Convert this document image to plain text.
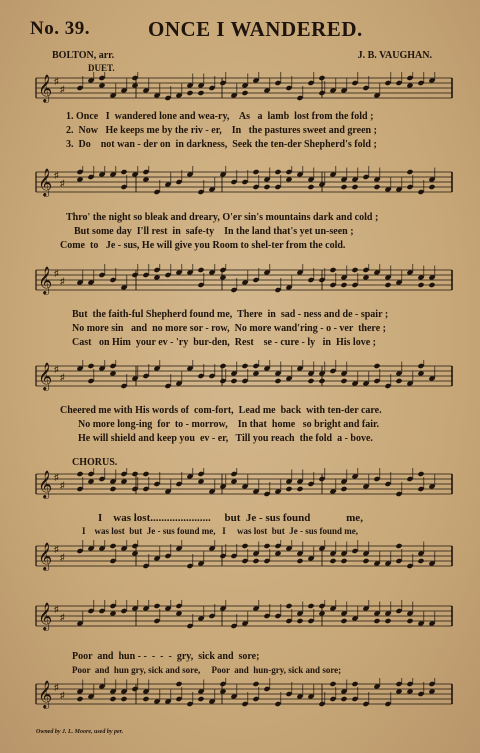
No. 39.	ONCE I WANDERED.
BOLTON, arr.	J. B. VAUGHAN.
DUET.
𝄞 ♯
♯

1. Once   I  wandered lone and wea-ry,    As   a  lamb  lost from the fold ;

2.  Now   He keeps me by the riv - er,    In   the pastures sweet and green ;

3.  Do    not wan - der on  in darkness,  Seek the ten-der Shepherd's fold ;

𝄞 ♯
♯

Thro' the night so bleak and dreary, O'er sin's mountains dark and cold ;

But some day  I'll rest  in  safe-ty    In the land that's yet un-seen ;

Come  to   Je - sus, He will give you Room to shel-ter from the cold.

𝄞 ♯
♯

But  the faith-ful Shepherd found me,  There  in  sad - ness and de - spair ;

No more sin   and  no more sor - row,  No more wand'ring - o - ver  there ;

Cast   on Him  your ev - 'ry  bur-den,  Rest    se - cure - ly   in  His love ;

𝄞 ♯
♯

Cheered me with His words of  com-fort,  Lead me  back  with ten-der care.

No more long-ing  for  to - morrow,    In that  home   so bright and fair.

He will shield and keep you  ev - er,   Till you reach  the fold  a - bove.

CHORUS.
𝄞 ♯
♯

I    was lost......................     but  Je - sus found             me,

I    was lost  but  Je - sus found me,   I     was lost  but  Je - sus found me,

𝄞 ♯
♯
𝄞 ♯
♯

Poor  and  hun - -  -  -  -  gry,  sick and  sore;

Poor  and  hun gry, sick and sore,     Poor  and  hun-gry, sick and sore;

𝄞 ♯
♯
Owned by J. L. Moore, used by per.
